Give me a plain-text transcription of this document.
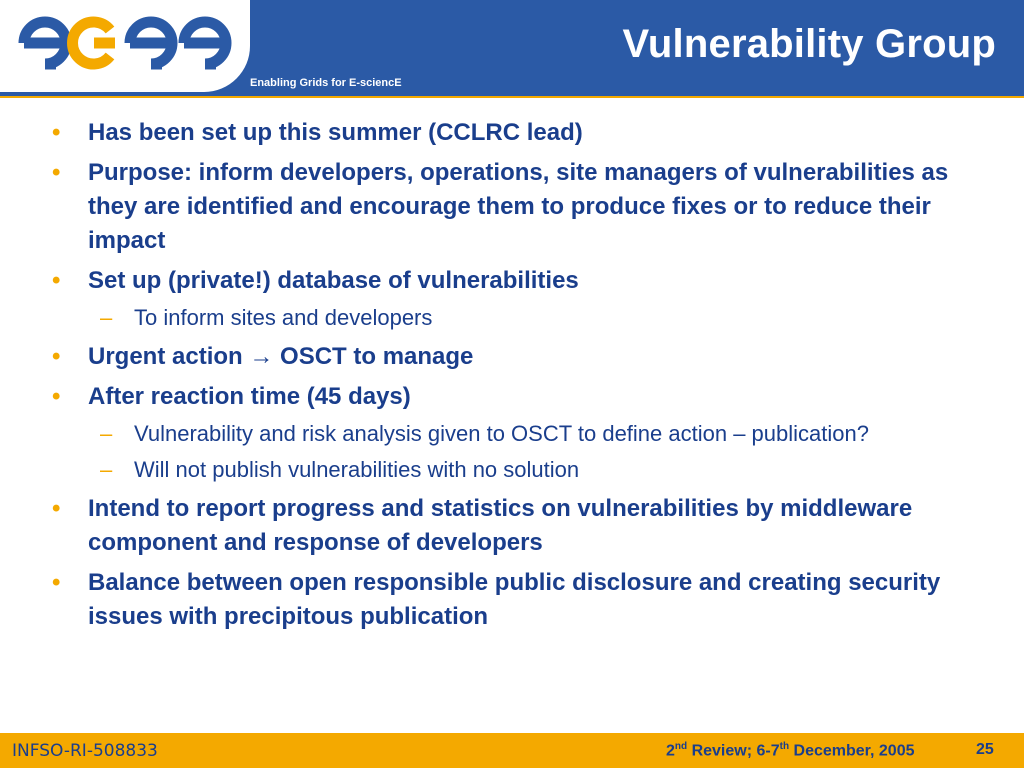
Enabling Grids for E-sciencE
Vulnerability Group
• Has been set up this summer (CCLRC lead)
• Purpose: inform developers, operations, site managers of vulnerabilities as they are identified and encourage them to produce fixes or to reduce their impact
• Set up (private!) database of vulnerabilities
– To inform sites and developers
• Urgent action → OSCT to manage
• After reaction time (45 days)
– Vulnerability and risk analysis given to OSCT to define action – publication?
– Will not publish vulnerabilities with no solution
• Intend to report progress and statistics on vulnerabilities by middleware component and response of developers
• Balance between open responsible public disclosure and creating security issues with precipitous publication
INFSO-RI-508833	2nd Review; 6-7th December, 2005	25
